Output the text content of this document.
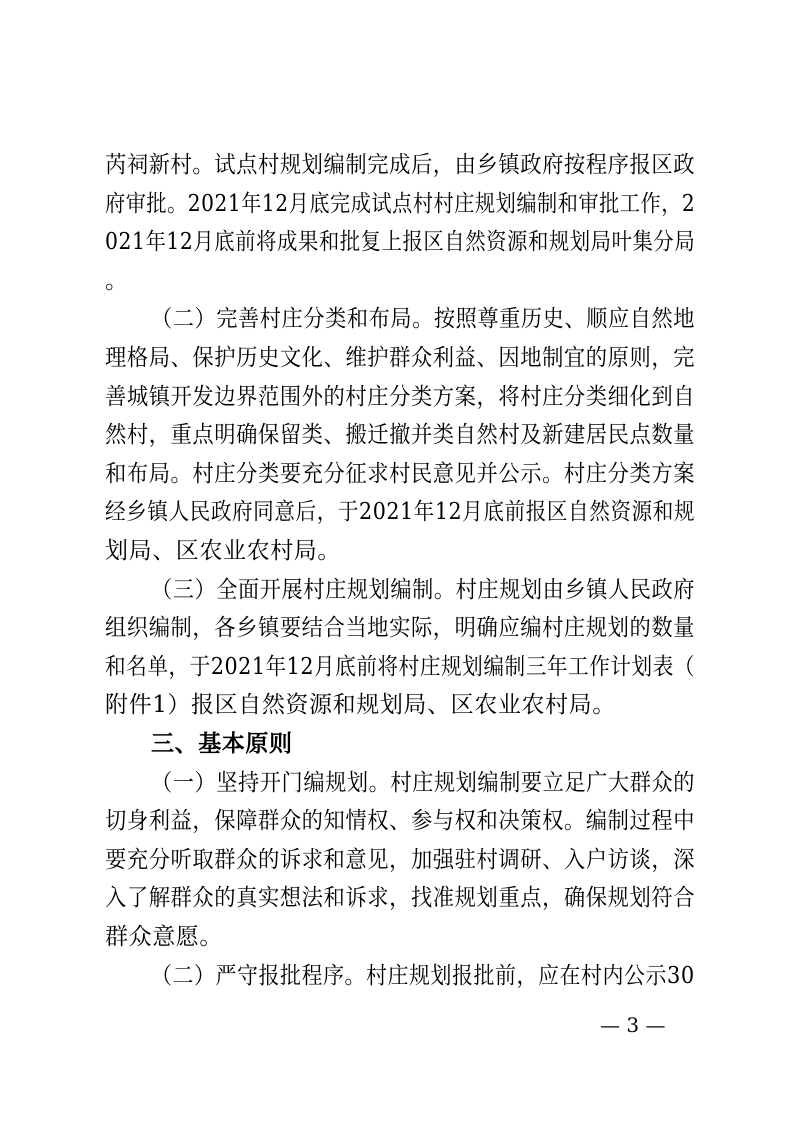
芮祠新村。试点村规划编制完成后，由乡镇政府按程序报区政
府审批。2021年12月底完成试点村村庄规划编制和审批工作，2
021年12月底前将成果和批复上报区自然资源和规划局叶集分局
。
（二）完善村庄分类和布局。按照尊重历史、顺应自然地
理格局、保护历史文化、维护群众利益、因地制宜的原则，完
善城镇开发边界范围外的村庄分类方案，将村庄分类细化到自
然村，重点明确保留类、搬迁撤并类自然村及新建居民点数量
和布局。村庄分类要充分征求村民意见并公示。村庄分类方案
经乡镇人民政府同意后，于2021年12月底前报区自然资源和规
划局、区农业农村局。
（三）全面开展村庄规划编制。村庄规划由乡镇人民政府
组织编制，各乡镇要结合当地实际，明确应编村庄规划的数量
和名单，于2021年12月底前将村庄规划编制三年工作计划表（
附件1）报区自然资源和规划局、区农业农村局。
三、基本原则
（一）坚持开门编规划。村庄规划编制要立足广大群众的
切身利益，保障群众的知情权、参与权和决策权。编制过程中
要充分听取群众的诉求和意见，加强驻村调研、入户访谈，深
入了解群众的真实想法和诉求，找准规划重点，确保规划符合
群众意愿。
（二）严守报批程序。村庄规划报批前，应在村内公示30
— 3 —
